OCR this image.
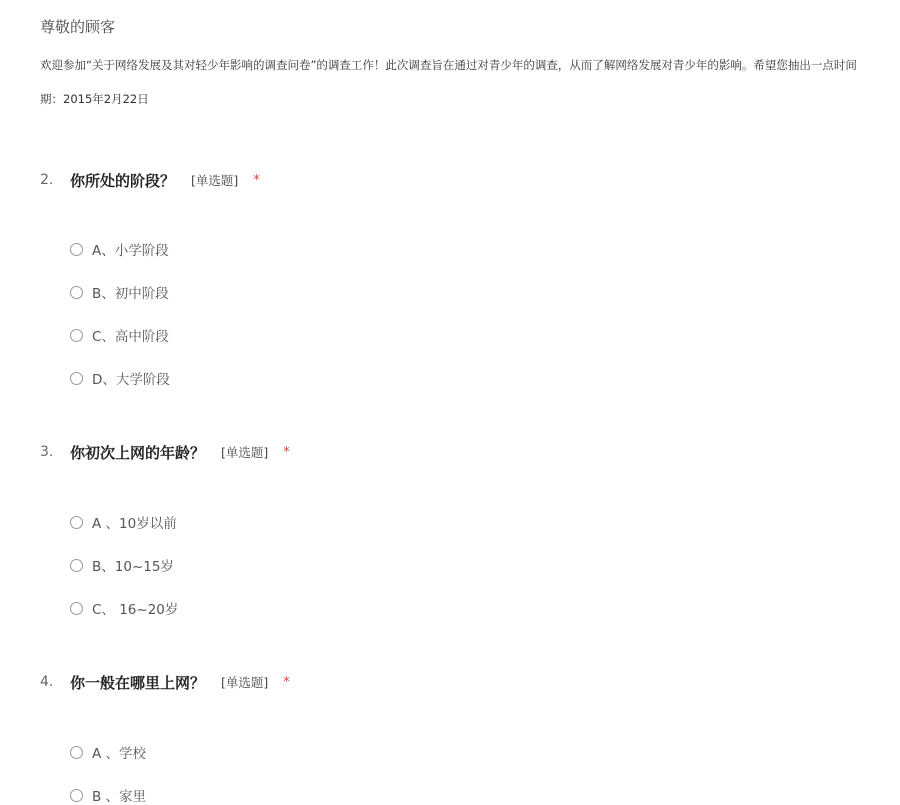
尊敬的顾客
欢迎参加“关于网络发展及其对轻少年影响的调查问卷”的调查工作！此次调查旨在通过对青少年的调查，从而了解网络发展对青少年的影响。希望您抽出一点时间
期：2015年2月22日
2.	你所处的阶段？ [单选题] *
A、小学阶段
B、初中阶段
C、高中阶段
D、大学阶段
3.	你初次上网的年龄？ [单选题] *
A 、10岁以前
B、10~15岁
C、 16~20岁
4.	你一般在哪里上网？ [单选题] *
A 、学校
B 、家里
